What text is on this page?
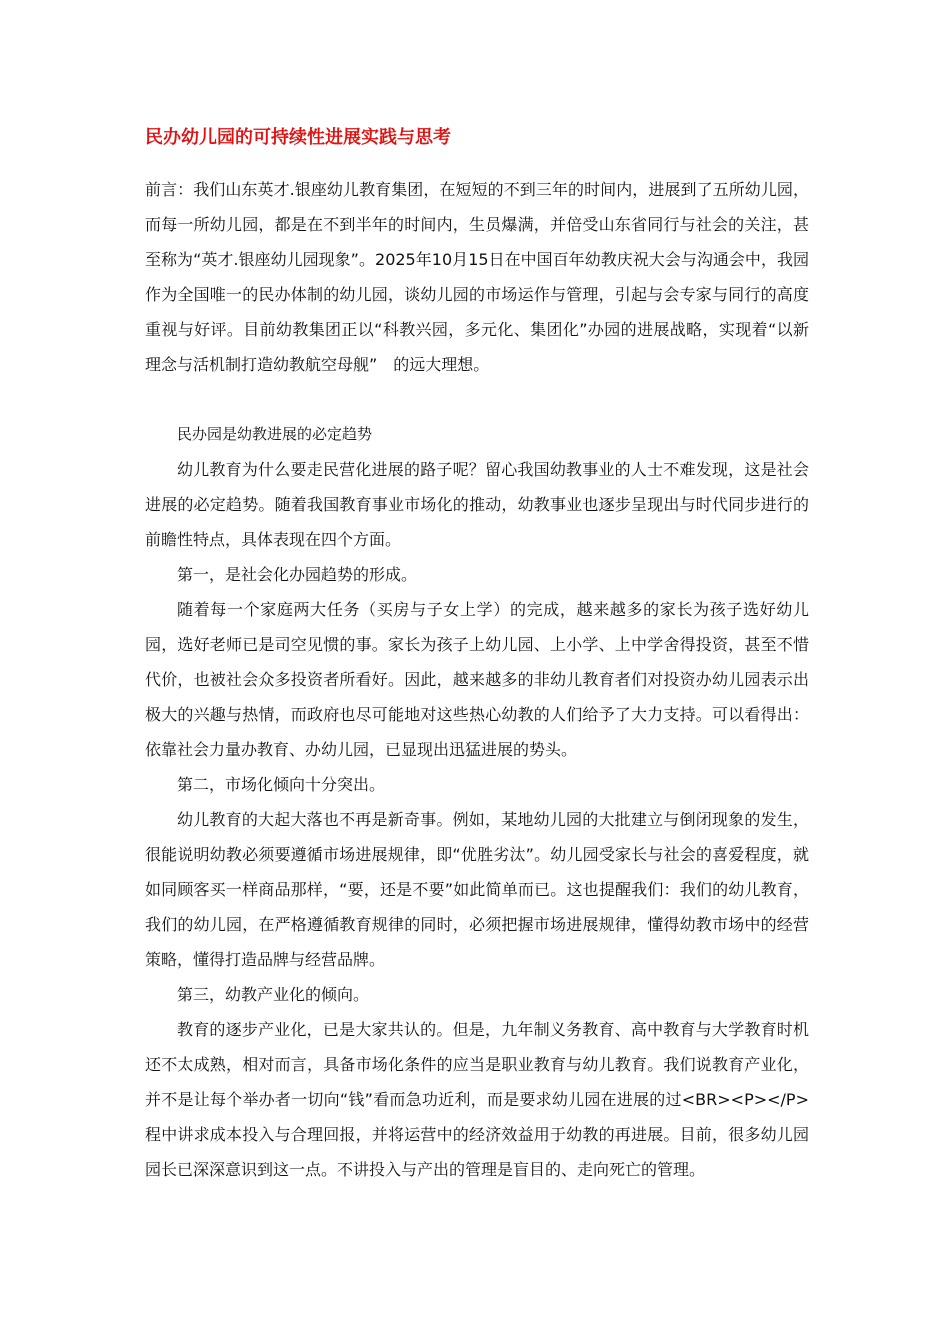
民办幼儿园的可持续性进展实践与思考

前言：我们山东英才.银座幼儿教育集团，在短短的不到三年的时间内，进展到了五所幼儿园，而每一所幼儿园，都是在不到半年的时间内，生员爆满，并倍受山东省同行与社会的关注，甚至称为“英才.银座幼儿园现象”。2025年10月15日在中国百年幼教庆祝大会与沟通会中，我园作为全国唯一的民办体制的幼儿园，谈幼儿园的市场运作与管理，引起与会专家与同行的高度重视与好评。目前幼教集团正以“科教兴园，多元化、集团化”办园的进展战略，实现着“以新理念与活机制打造幼教航空母舰”　的远大理想。

民办园是幼教进展的必定趋势

幼儿教育为什么要走民营化进展的路子呢？留心我国幼教事业的人士不难发现，这是社会进展的必定趋势。随着我国教育事业市场化的推动，幼教事业也逐步呈现出与时代同步进行的前瞻性特点，具体表现在四个方面。

第一，是社会化办园趋势的形成。

随着每一个家庭两大任务（买房与子女上学）的完成，越来越多的家长为孩子选好幼儿园，选好老师已是司空见惯的事。家长为孩子上幼儿园、上小学、上中学舍得投资，甚至不惜代价，也被社会众多投资者所看好。因此，越来越多的非幼儿教育者们对投资办幼儿园表示出极大的兴趣与热情，而政府也尽可能地对这些热心幼教的人们给予了大力支持。可以看得出：依靠社会力量办教育、办幼儿园，已显现出迅猛进展的势头。

第二，市场化倾向十分突出。

幼儿教育的大起大落也不再是新奇事。例如，某地幼儿园的大批建立与倒闭现象的发生，很能说明幼教必须要遵循市场进展规律，即“优胜劣汰”。幼儿园受家长与社会的喜爱程度，就如同顾客买一样商品那样，“要，还是不要”如此简单而已。这也提醒我们：我们的幼儿教育，我们的幼儿园，在严格遵循教育规律的同时，必须把握市场进展规律，懂得幼教市场中的经营策略，懂得打造品牌与经营品牌。

第三，幼教产业化的倾向。

教育的逐步产业化，已是大家共认的。但是，九年制义务教育、高中教育与大学教育时机还不太成熟，相对而言，具备市场化条件的应当是职业教育与幼儿教育。我们说教育产业化，并不是让每个举办者一切向“钱”看而急功近利，而是要求幼儿园在进展的过<BR><P></P>程中讲求成本投入与合理回报，并将运营中的经济效益用于幼教的再进展。目前，很多幼儿园园长已深深意识到这一点。不讲投入与产出的管理是盲目的、走向死亡的管理。
